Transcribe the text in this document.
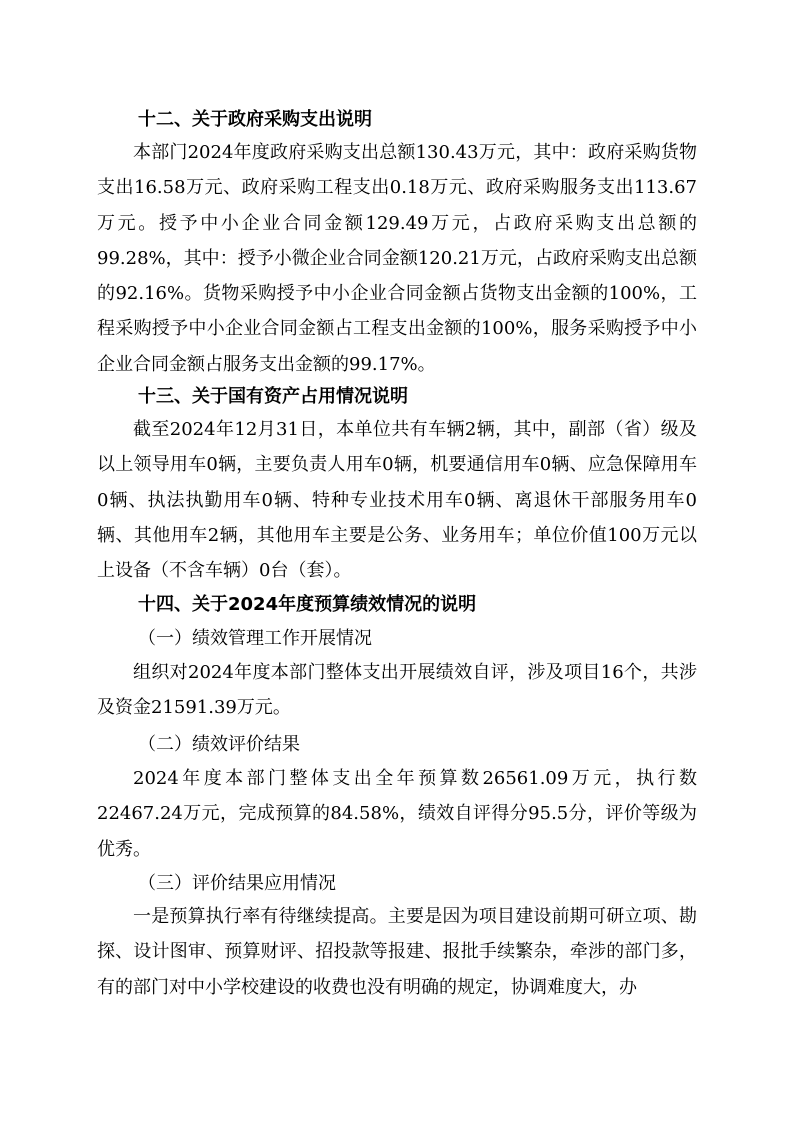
十二、关于政府采购支出说明

本部门2024年度政府采购支出总额130.43万元，其中：政府采购货物支出16.58万元、政府采购工程支出0.18万元、政府采购服务支出113.67万元。授予中小企业合同金额129.49万元，占政府采购支出总额的99.28%，其中：授予小微企业合同金额120.21万元，占政府采购支出总额的92.16%。货物采购授予中小企业合同金额占货物支出金额的100%，工程采购授予中小企业合同金额占工程支出金额的100%，服务采购授予中小企业合同金额占服务支出金额的99.17%。

十三、关于国有资产占用情况说明

截至2024年12月31日，本单位共有车辆2辆，其中，副部（省）级及以上领导用车0辆，主要负责人用车0辆，机要通信用车0辆、应急保障用车0辆、执法执勤用车0辆、特种专业技术用车0辆、离退休干部服务用车0辆、其他用车2辆，其他用车主要是公务、业务用车；单位价值100万元以上设备（不含车辆）0台（套）。

十四、关于2024年度预算绩效情况的说明
（一）绩效管理工作开展情况

组织对2024年度本部门整体支出开展绩效自评，涉及项目16个，共涉及资金21591.39万元。

（二）绩效评价结果

2024年度本部门整体支出全年预算数26561.09万元，执行数22467.24万元，完成预算的84.58%，绩效自评得分95.5分，评价等级为优秀。

（三）评价结果应用情况

一是预算执行率有待继续提高。主要是因为项目建设前期可研立项、勘探、设计图审、预算财评、招投款等报建、报批手续繁杂，牵涉的部门多，有的部门对中小学校建设的收费也没有明确的规定，协调难度大，办
